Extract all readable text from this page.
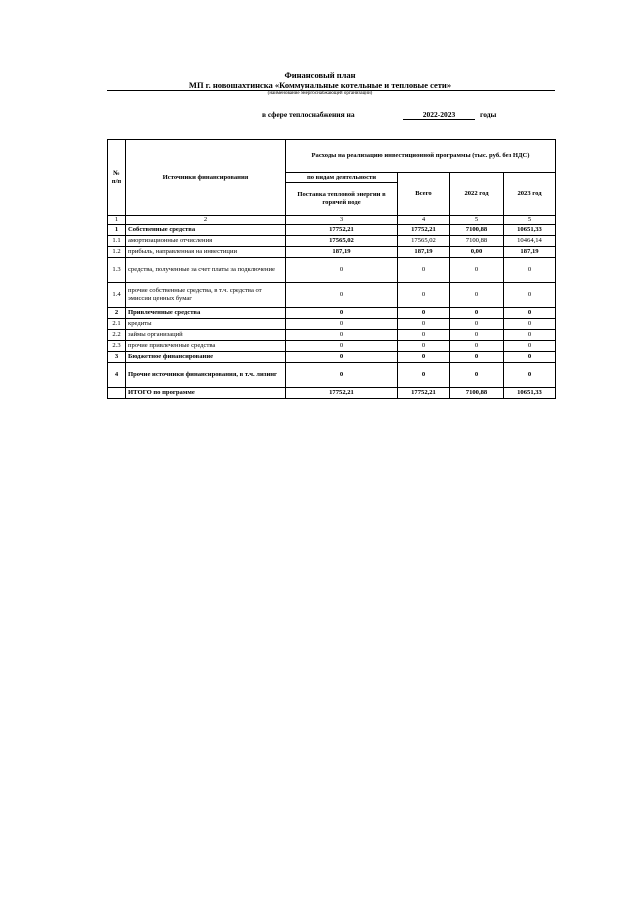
Финансовый план
МП г. новошахтинска «Коммунальные котельные и тепловые сети»
(наименование энергоснабжающей организации)
в сфере теплоснабжения на	2022-2023	годы
№ п/п	Источники финансирования	Расходы на реализацию инвестиционной программы (тыс. руб. без НДС)			
		по видам деятельности	Всего	2022 год	2023 год
		Поставка тепловой энергии в горячей воде			
1	2	3	4	5	5
1	Собственные средства	17752,21	17752,21	7100,88	10651,33
1.1	амортизационные отчисления	17565,02	17565,02	7100,88	10464,14
1.2	прибыль, направленная на инвестиции	187,19	187,19	0,00	187,19
1.3	средства, полученные за счет платы за подключение	0	0	0	0
1.4	прочие собственные средства, в т.ч. средства от эмиссии ценных бумаг	0	0	0	0
2	Привлеченные средства	0	0	0	0
2.1	кредиты	0	0	0	0
2.2	займы организаций	0	0	0	0
2.3	прочие привлеченные средства	0	0	0	0
3	Бюджетное финансирование	0	0	0	0
4	Прочие источники финансирования, в т.ч. лизинг	0	0	0	0
	ИТОГО по программе	17752,21	17752,21	7100,88	10651,33
